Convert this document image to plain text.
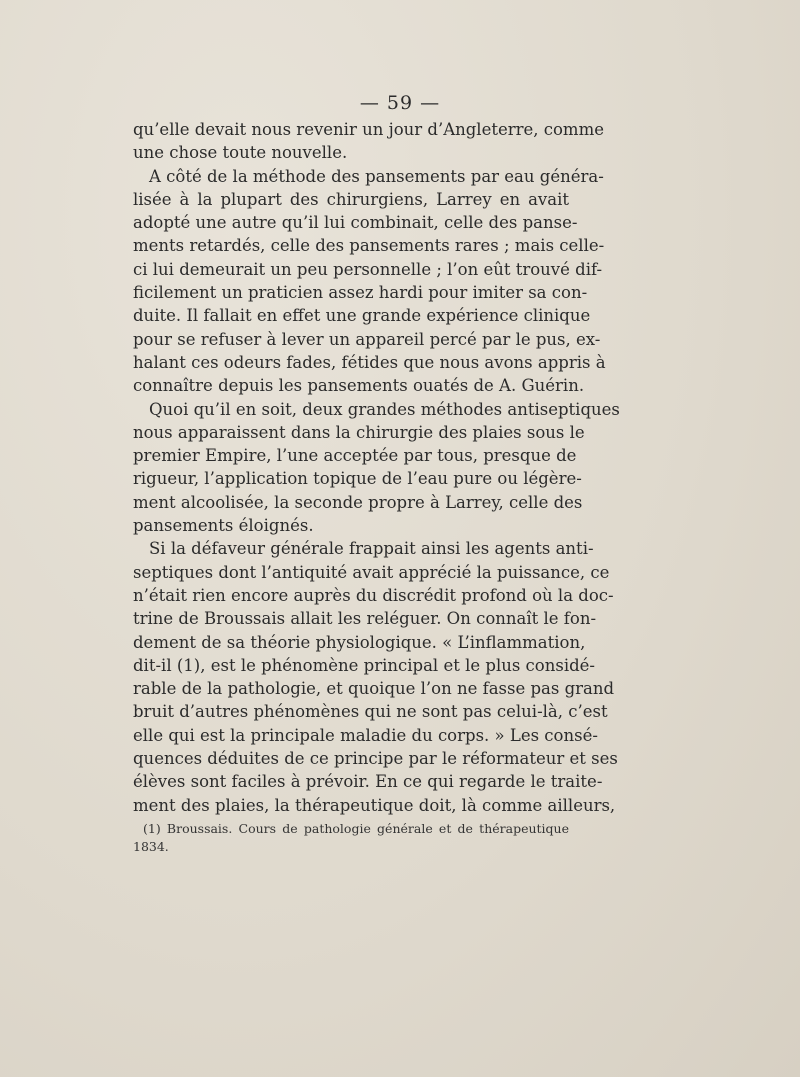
— 59 —
qu’elle devait nous revenir un jour d’Angleterre, comme
une chose toute nouvelle.
A côté de la méthode des pansements par eau généra-
lisée à la plupart des chirurgiens, Larrey en avait
adopté une autre qu’il lui combinait, celle des panse-
ments retardés, celle des pansements rares ; mais celle-
ci lui demeurait un peu personnelle ; l’on eût trouvé dif-
ficilement un praticien assez hardi pour imiter sa con-
duite. Il fallait en effet une grande expérience clinique
pour se refuser à lever un appareil percé par le pus, ex-
halant ces odeurs fades, fétides que nous avons appris à
connaître depuis les pansements ouatés de A. Guérin.
Quoi qu’il en soit, deux grandes méthodes antiseptiques
nous apparaissent dans la chirurgie des plaies sous le
premier Empire, l’une acceptée par tous, presque de
rigueur, l’application topique de l’eau pure ou légère-
ment alcoolisée, la seconde propre à Larrey, celle des
pansements éloignés.
Si la défaveur générale frappait ainsi les agents anti-
septiques dont l’antiquité avait apprécié la puissance, ce
n’était rien encore auprès du discrédit profond où la doc-
trine de Broussais allait les reléguer. On connaît le fon-
dement de sa théorie physiologique. « L’inflammation,
dit-il (1), est le phénomène principal et le plus considé-
rable de la pathologie, et quoique l’on ne fasse pas grand
bruit d’autres phénomènes qui ne sont pas celui-là, c’est
elle qui est la principale maladie du corps. » Les consé-
quences déduites de ce principe par le réformateur et ses
élèves sont faciles à prévoir. En ce qui regarde le traite-
ment des plaies, la thérapeutique doit, là comme ailleurs,
(1) Broussais. Cours de pathologie générale et de thérapeutique
1834.
